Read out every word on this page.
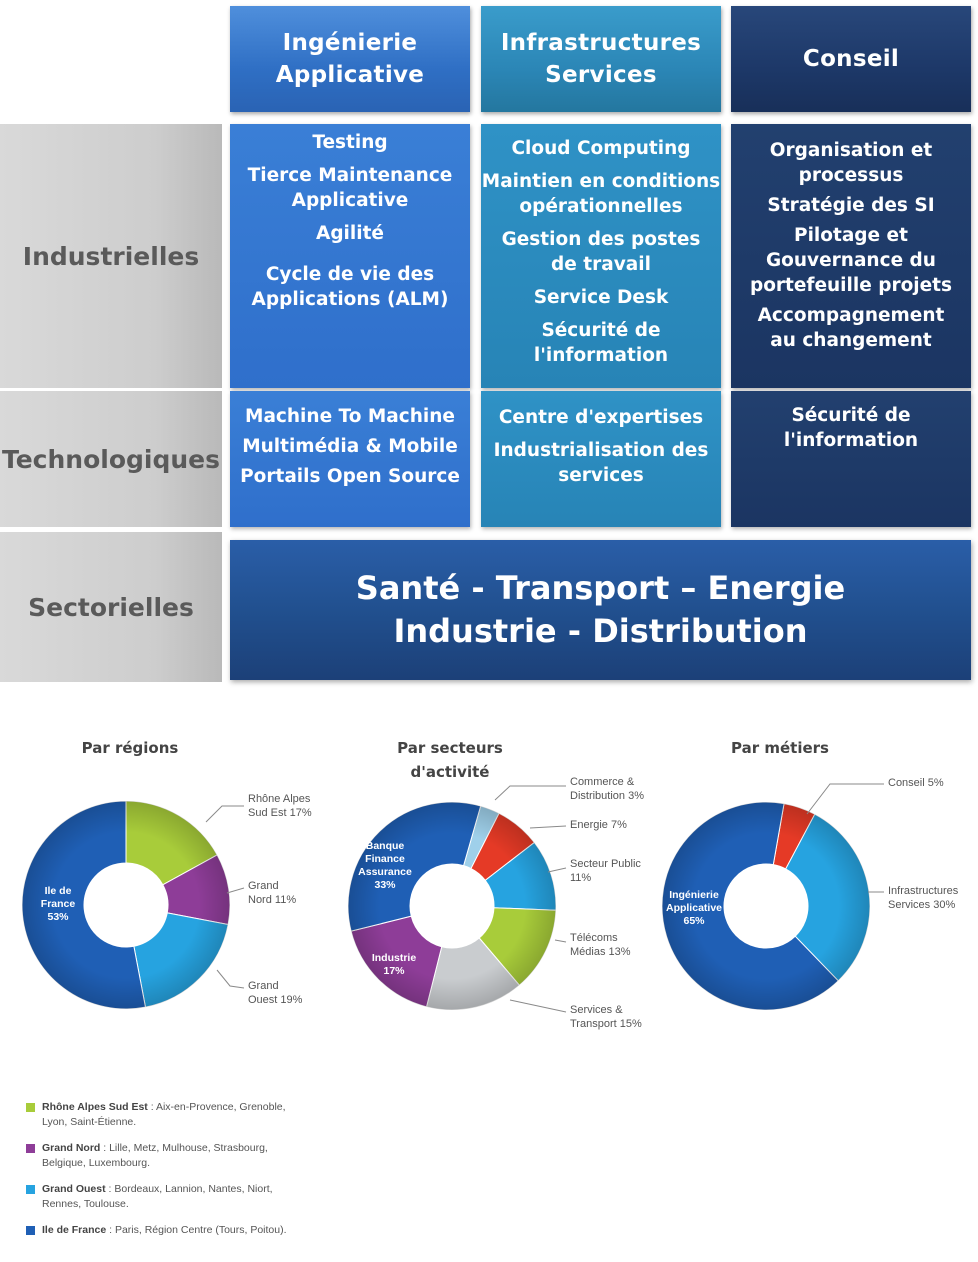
Ingénierie
Applicative
Infrastructures
Services
Conseil
Industrielles
Technologiques
Sectorielles

Testing

Tierce Maintenance
Applicative

Agilité

Cycle de vie des
Applications (ALM)

Cloud Computing

Maintien en conditions
opérationnelles

Gestion des postes
de travail

Service Desk

Sécurité de
l'information

Organisation et
processus

Stratégie des SI

Pilotage et
Gouvernance du
portefeuille projets

Accompagnement
au changement

Machine To Machine

Multimédia & Mobile

Portails Open Source

Centre d'expertises

Industrialisation des
services

Sécurité de
l'information

Santé - Transport – Energie
Industrie - Distribution
Par régions	Par secteurs
d'activité
Par métiers
Ile de
France
53%
Rhône Alpes
Sud Est 17%
Grand
Nord 11%
Grand
Ouest 19%
Banque
Finance
Assurance
33%
Industrie
17%
Commerce &
Distribution 3%
Energie 7%
Secteur Public
11%
Télécoms
Médias 13%
Services &
Transport 15%
Ingénierie
Applicative
65%
Conseil 5%
Infrastructures
Services 30%
Rhône Alpes Sud Est : Aix-en-Provence, Grenoble, Lyon, Saint-Étienne.
Grand Nord : Lille, Metz, Mulhouse, Strasbourg, Belgique, Luxembourg.
Grand Ouest : Bordeaux, Lannion, Nantes, Niort, Rennes, Toulouse.
Ile de France : Paris, Région Centre (Tours, Poitou).
